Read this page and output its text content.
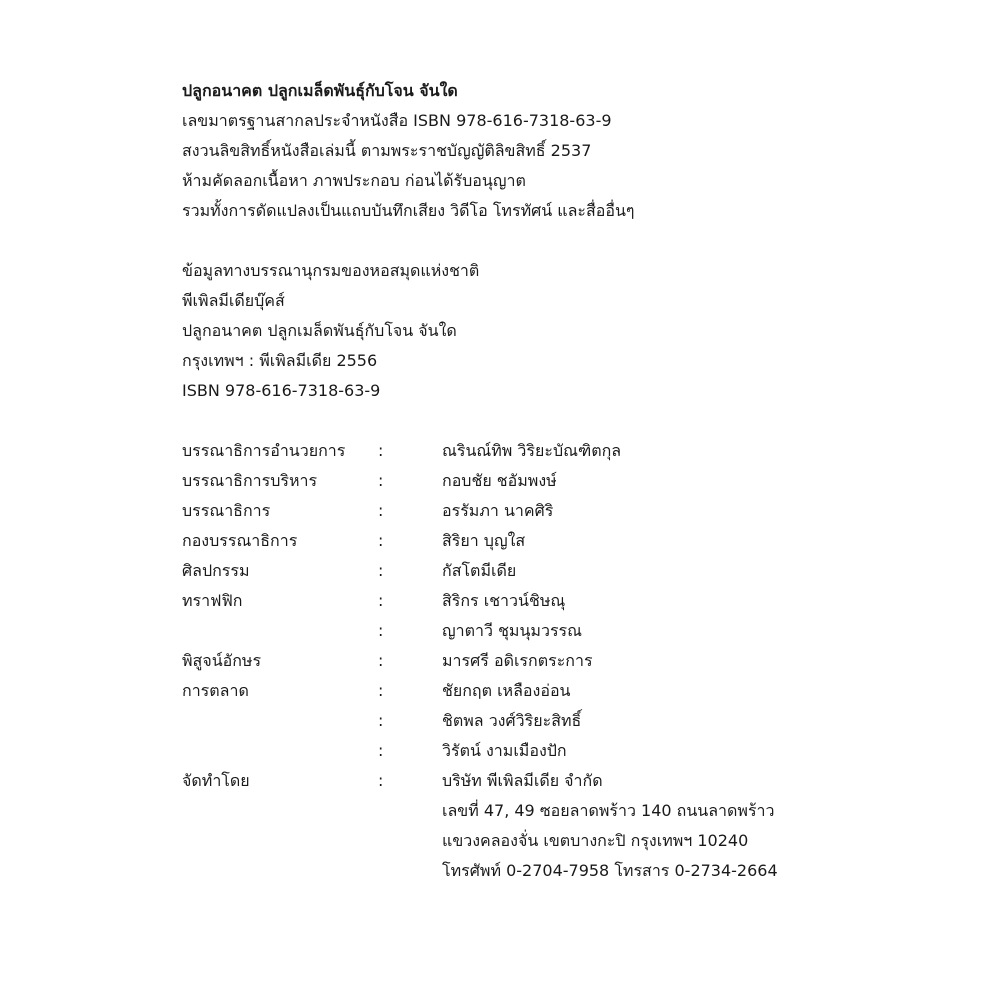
ปลูกอนาคต ปลูกเมล็ดพันธุ์กับโจน จันใด
เลขมาตรฐานสากลประจำหนังสือ ISBN 978-616-7318-63-9
สงวนลิขสิทธิ์หนังสือเล่มนี้ ตามพระราชบัญญัติลิขสิทธิ์ 2537
ห้ามคัดลอกเนื้อหา ภาพประกอบ ก่อนได้รับอนุญาต
รวมทั้งการดัดแปลงเป็นแถบบันทึกเสียง วิดีโอ โทรทัศน์ และสื่ออื่นๆ
ข้อมูลทางบรรณานุกรมของหอสมุดแห่งชาติ
พีเพิลมีเดียบุ๊คส์
ปลูกอนาคต ปลูกเมล็ดพันธุ์กับโจน จันใด
กรุงเทพฯ : พีเพิลมีเดีย 2556
ISBN 978-616-7318-63-9
บรรณาธิการอำนวยการ :	ณรินณ์ทิพ วิริยะบัณฑิตกุล
บรรณาธิการบริหาร	:	กอบชัย ชอัมพงษ์
บรรณาธิการ	:	อรรัมภา นาคศิริ
กองบรรณาธิการ	:	สิริยา บุญใส
ศิลปกรรม	:	กัสโตมีเดีย
ทราฟฟิก	:	สิริกร เชาวน์ชิษณุ
:	ญาตาวี ชุมนุมวรรณ
พิสูจน์อักษร	:	มารศรี อดิเรกตระการ
การตลาด	:	ชัยกฤต เหลืองอ่อน
:	ชิตพล วงศ์วิริยะสิทธิ์
:	วิรัตน์ งามเมืองปัก
จัดทำโดย	:	บริษัท พีเพิลมีเดีย จำกัด
เลขที่ 47, 49 ซอยลาดพร้าว 140 ถนนลาดพร้าว
แขวงคลองจั่น เขตบางกะปิ กรุงเทพฯ 10240
โทรศัพท์ 0-2704-7958 โทรสาร 0-2734-2664
